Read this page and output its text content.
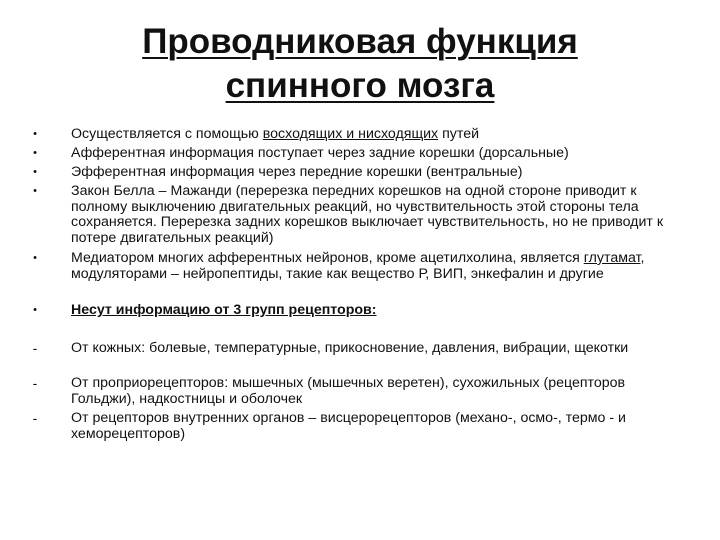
Проводниковая функция
спинного мозга
• Осуществляется с помощью восходящих и нисходящих путей
• Афферентная информация поступает через задние корешки (дорсальные)
• Эфферентная информация через передние корешки (вентральные)
• Закон Белла – Мажанди (перерезка передних корешков на одной стороне приводит к полному выключению двигательных реакций, но чувствительность этой стороны тела сохраняется. Перерезка задних корешков выключает чувствительность, но не приводит к потере двигательных реакций)
• Медиатором многих афферентных нейронов, кроме ацетилхолина, является глутамат, модуляторами – нейропептиды, такие как вещество Р, ВИП, энкефалин и другие
• Несут информацию от 3 групп рецепторов:
- От кожных: болевые, температурные, прикосновение, давления, вибрации, щекотки
- От проприорецепторов: мышечных (мышечных веретен), сухожильных (рецепторов Гольджи), надкостницы и оболочек
- От рецепторов внутренних органов – висцерорецепторов (механо-, осмо-, термо - и хеморецепторов)
